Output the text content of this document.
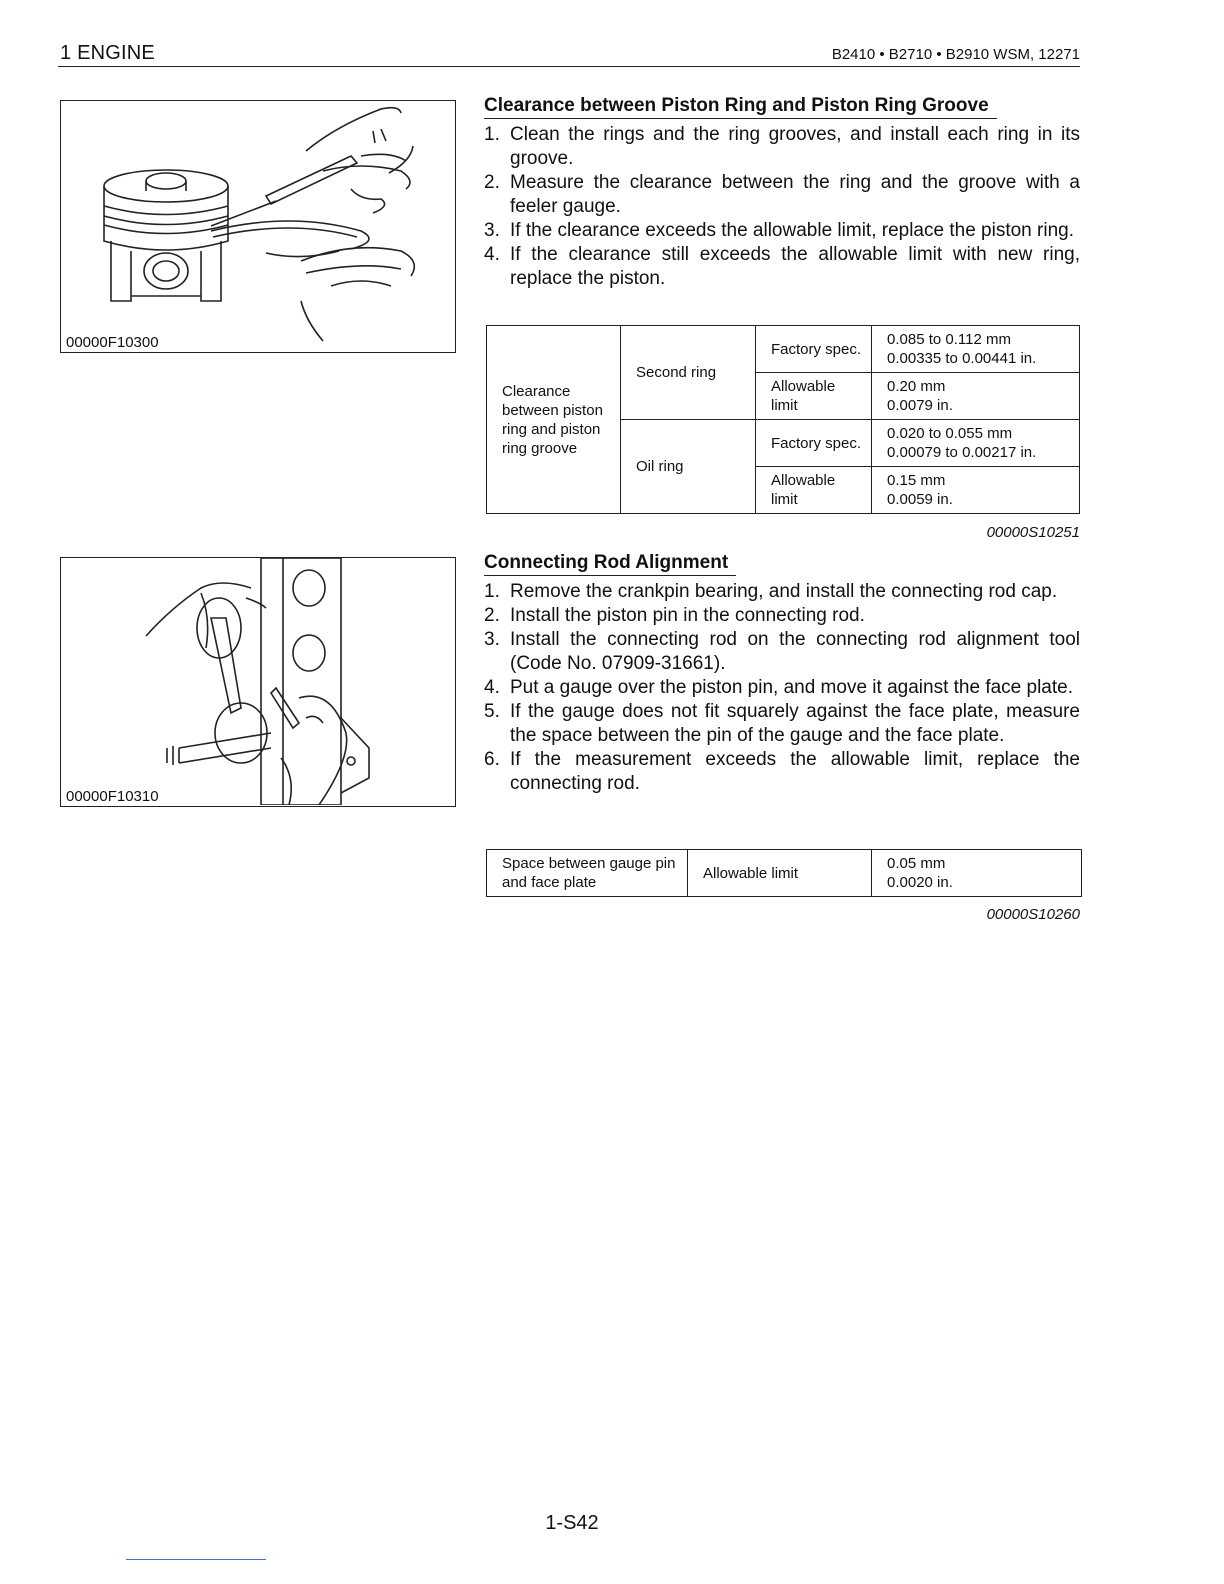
1 ENGINE	B2410 • B2710 • B2910 WSM, 12271
00000F10300
00000F10310
Clearance between Piston Ring and Piston Ring Groove
1. Clean the rings and the ring grooves, and install each ring in its groove.
2. Measure the clearance between the ring and the groove with a feeler gauge.
3. If the clearance exceeds the allowable limit, replace the piston ring.
4. If the clearance still exceeds the allowable limit with new ring, replace the piston.
Clearance between piston ring and piston ring groove	Second ring	Factory spec.	0.085 to 0.112 mm
0.00335 to 0.00441 in.

		Allowable limit	0.20 mm
0.0079 in.

	Oil ring	Factory spec.	0.020 to 0.055 mm
0.00079 to 0.00217 in.

		Allowable limit	0.15 mm
0.0059 in.
00000S10251
Connecting Rod Alignment
1. Remove the crankpin bearing, and install the connecting rod cap.
2. Install the piston pin in the connecting rod.
3. Install the connecting rod on the connecting rod alignment tool (Code No. 07909-31661).
4. Put a gauge over the piston pin, and move it against the face plate.
5. If the gauge does not fit squarely against the face plate, measure the space between the pin of the gauge and the face plate.
6. If the measurement exceeds the allowable limit, replace the connecting rod.
Space between gauge pin and face plate	Allowable limit	
0.05 mm
0.0020 in.
00000S10260
1-S42
